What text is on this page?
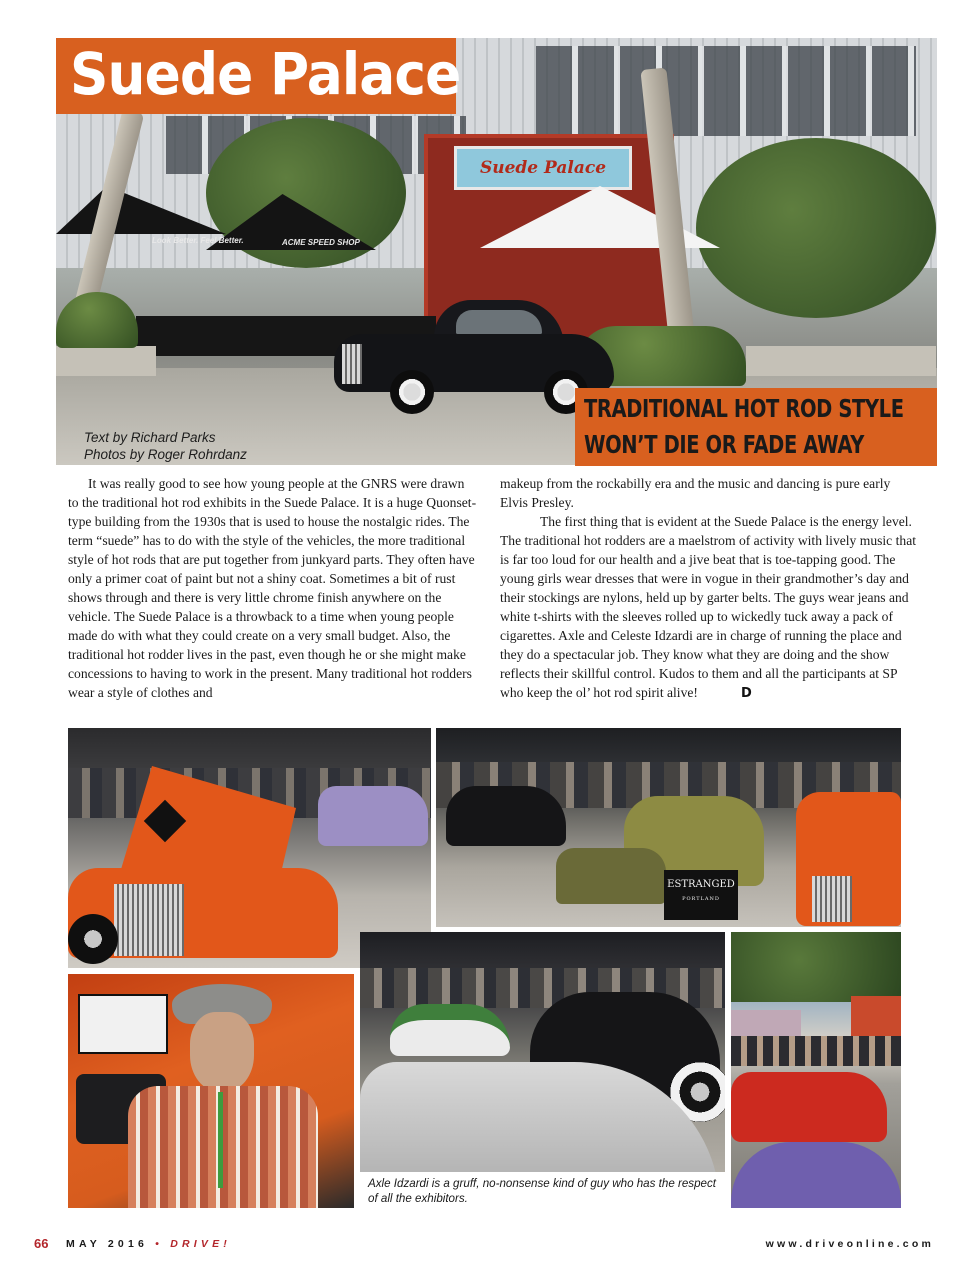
Suede Palace
Look Better. Feel Better.	ACME SPEED SHOP
Suede Palace
TRADITIONAL HOT ROD STYLE
WON’T DIE OR FADE AWAY
Text by Richard Parks
Photos by Roger Rohrdanz

It was really good to see how young people at the GNRS were drawn to the traditional hot rod exhibits in the Suede Palace. It is a huge Quonset-type building from the 1930s that is used to house the nostalgic rides. The term “suede” has to do with the style of the vehicles, the more traditional style of hot rods that are put together from junkyard parts. They often have only a primer coat of paint but not a shiny coat. Sometimes a bit of rust shows through and there is very little chrome finish anywhere on the vehicle. The Suede Palace is a throwback to a time when young people made do with what they could create on a very small budget. Also, the traditional hot rodder lives in the past, even though he or she might make concessions to having to work in the present. Many traditional hot rodders wear a style of clothes and

makeup from the rockabilly era and the music and dancing is pure early Elvis Presley.

The first thing that is evident at the Suede Palace is the energy level. The traditional hot rodders are a maelstrom of activity with lively music that is far too loud for our health and a jive beat that is toe-tapping good. The young girls wear dresses that were in vogue in their grandmother’s day and their stockings are nylons, held up by garter belts. The guys wear jeans and white t-shirts with the sleeves rolled up to wickedly tuck away a pack of cigarettes. Axle and Celeste Idzardi are in charge of running the place and they do a spectacular job. They know what they are doing and the show reflects their skillful control. Kudos to them and all the participants at SP who keep the ol’ hot rod spirit alive!	D

ESTRANGED
PORTLAND
Axle Idzardi is a gruff, no-nonsense kind of guy who has the respect of all the exhibitors.
66 MAY 2016 • DRIVE!	www.driveonline.com
